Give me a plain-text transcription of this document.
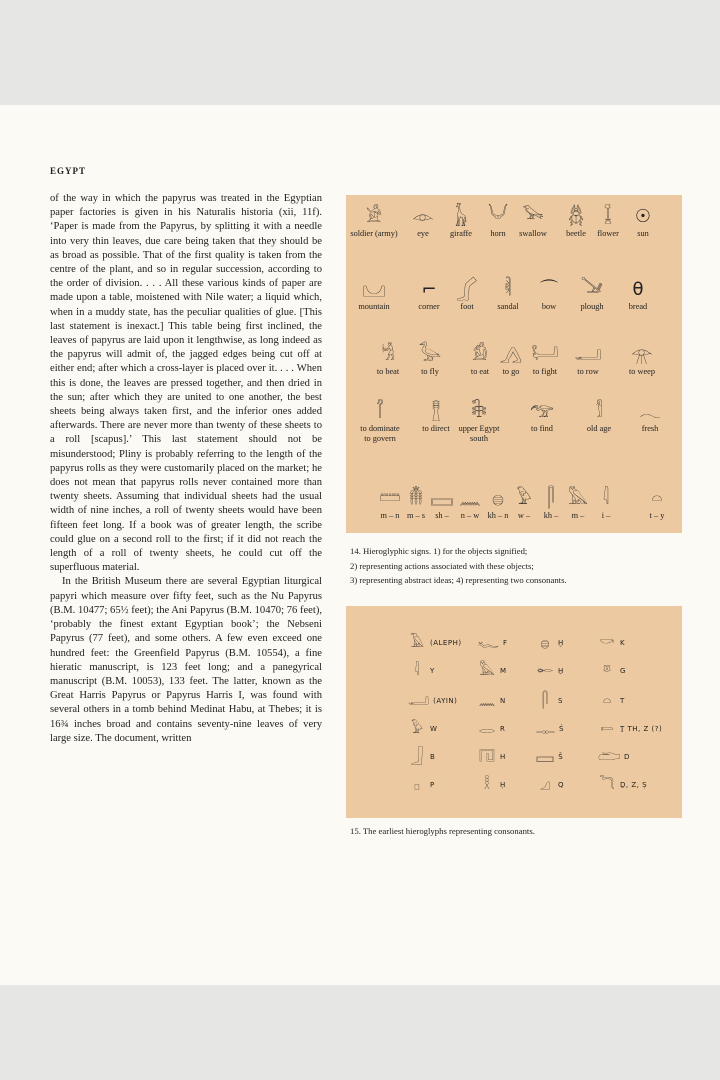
EGYPT

of the way in which the papyrus was treated in the Egyptian paper factories is given in his Naturalis historia (xii, 11f). ‘Paper is made from the Papyrus, by splitting it with a needle into very thin leaves, due care being taken that they should be as broad as possible. That of the first quality is taken from the centre of the plant, and so in regular succession, according to the order of division. . . . All these various kinds of paper are made upon a table, moistened with Nile water; a liquid which, when in a muddy state, has the peculiar qualities of glue. [This last statement is inexact.] This table being first inclined, the leaves of papyrus are laid upon it lengthwise, as long indeed as the papyrus will admit of, the jagged edges being cut off at either end; after which a cross-layer is placed over it. . . . When this is done, the leaves are pressed together, and then dried in the sun; after which they are united to one another, the best sheets being always taken first, and the inferior ones added afterwards. There are never more than twenty of these sheets to a roll [scapus].’ This last statement should not be misunderstood; Pliny is probably referring to the length of the papyrus rolls as they were customarily placed on the market; he does not mean that papyrus rolls never contained more than twenty sheets. Assuming that individual sheets had the usual width of nine inches, a roll of twenty sheets would have been fifteen feet long. If a book was of greater length, the scribe could glue on a second roll to the first; if it did not reach the length of a roll of twenty sheets, he could cut off the superfluous material.

In the British Museum there are several Egyptian liturgical papyri which measure over fifty feet, such as the Nu Papyrus (B.M. 10477; 65½ feet); the Ani Papyrus (B.M. 10470; 76 feet), ‘probably the finest extant Egyptian book’; the Nebseni Papyrus (77 feet), and some others. A few even exceed one hundred feet: the Greenfield Papyrus (B.M. 10554), a fine hieratic manuscript, is 123 feet long; and a panegyrical manuscript (B.M. 10053), 133 feet. The latter, known as the Great Harris Papyrus or Papyrus Harris I, was found with several others in a tomb behind Medinat Habu, at Thebes; it is 16¾ inches broad and contains seventy-nine leaves of very large size. The document, written

𓀀
soldier (army)
𓁹
eye
𓃱
giraffe
𓄋
horn
𓅨
swallow
𓆣
beetle
𓆼
flower
☉
sun
𓈋
mountain
⌐
corner
𓂾
foot
𓌞
sandal
⌒
bow
𓍁
plough
θ
bread
𓀜
to beat
𓅭
to fly
𓀁
to eat
𓂻
to go
𓂡
to fight
𓂝
to row
𓁿
to weep
𓋾
to dominate
to govern
𓊽
to direct
𓇗
upper Egypt
south
𓅠
to find
𓀾
old age
𓂃
fresh
𓏠
m – n
𓄟
m – s
𓈙
sh –
𓈖
n – w
𓐍
kh – n
𓅱
w –
𓋴
kh –
𓅓
m –
𓇋
i –
𓏏
t – y
14. Hieroglyphic signs. 1) for the objects signified;
2) representing actions associated with these objects;
3) representing abstract ideas; 4) representing two consonants.
𓄿 (ALEPH)
𓇋 Y
𓂝 (AYIN)
𓅱 W
𓃀 B
𓊪 P
𓆑 F
𓅓 M
𓈖 N
𓂋 R
𓉔 H
𓎛 Ḥ
𓐍 Ḫ
𓄡H̱
𓋴 S
𓊃 Ś
𓈙 Š
𓈎 Q
𓎡 K
𓎼 G
𓏏 T
𓍿 Ṯ TH, Z (?)
𓂧 D
𓆓 Ḏ, Z, Ṣ
15. The earliest hieroglyphs representing consonants.
